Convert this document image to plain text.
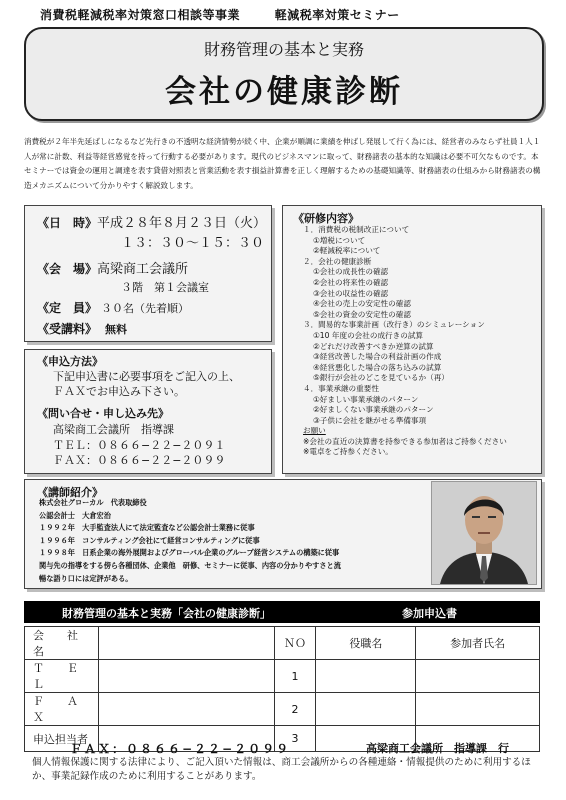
消費税軽減税率対策窓口相談等事業	軽減税率対策セミナー
財務管理の基本と実務
会社の健康診断
消費税が２年半先延ばしになるなど先行きの不透明な経済情勢が続く中、企業が順調に業績を伸ばし発展して行く為には、経営者のみならず社員１人１人が常に計数、利益等経営感覚を持って行動する必要があります。現代のビジネスマンに取って、財務諸表の基本的な知識は必要不可欠なものです。本セミナーでは資金の運用と調達を表す貸借対照表と営業活動を表す損益計算書を正しく理解するための基礎知識等、財務諸表の仕組みから財務諸表の構造メカニズムについて分かりやすく解説致します。
《日　時》平成２８年８月２３日（火）
１３：３０〜１５：３０
《会　場》高梁商工会議所
３階　第１会議室
《定　員》 ３０名（先着順）
《受講料》 無料
《申込方法》
下記申込書に必要事項をご記入の上、
ＦＡＸでお申込み下さい。
《問い合せ・申し込み先》
高梁商工会議所　指導課
ＴＥＬ：０８６６−２２−２０９１
ＦＡＸ：０８６６−２２−２０９９
《研修内容》
１．消費税の税制改正について
①増税について
②軽減税率について
２．会社の健康診断
①会社の成長性の確認
②会社の将来性の確認
③会社の収益性の確認
④会社の売上の安定性の確認
⑤会社の資金の安定性の確認
３．間易的な事業計画（改行き）のシミュレーション
①10 年度の会社の成行きの試算
②どれだけ改善すべきか逆算の試算
③経営改善した場合の利益計画の作成
④経営悪化した場合の落ち込みの試算
⑤銀行が会社のどこを見ているか（再）
４．事業承継の重要性
①好ましい事業承継のパターン
②好ましくない事業承継のパターン
③子供に会社を継がせる準備事項
お願い
※会社の直近の決算書を持参できる参加者はご持参ください
※電卓をご持参ください。
《講師紹介》
株式会社グローカル　代表取締役
公認会計士　大倉宏治
１９９２年　大手監査法人にて法定監査など公認会計士業務に従事
１９９６年　コンサルティング会社にて経営コンサルティングに従事
１９９８年　日系企業の海外展開およびグローバル企業のグループ経営システムの構築に従事
関与先の指導をする傍ら各種団体、企業他　研修、セミナーに従事、内容の分かりやすさと流
暢な語り口には定評がある。
財務管理の基本と実務「会社の健康診断」	参加申込書
会　社　名		ＮＯ	役職名	参加者氏名
Ｔ　Ｅ　Ｌ		1		
Ｆ　Ａ　Ｘ		2		
申込担当者		3		
ＦＡＸ：０８６６−２２−２０９９	高梁商工会議所　指導課　行
個人情報保護に関する法律により、ご記入頂いた情報は、商工会議所からの各種連絡・情報提供のために利用するほか、事業記録作成のために利用することがあります。
